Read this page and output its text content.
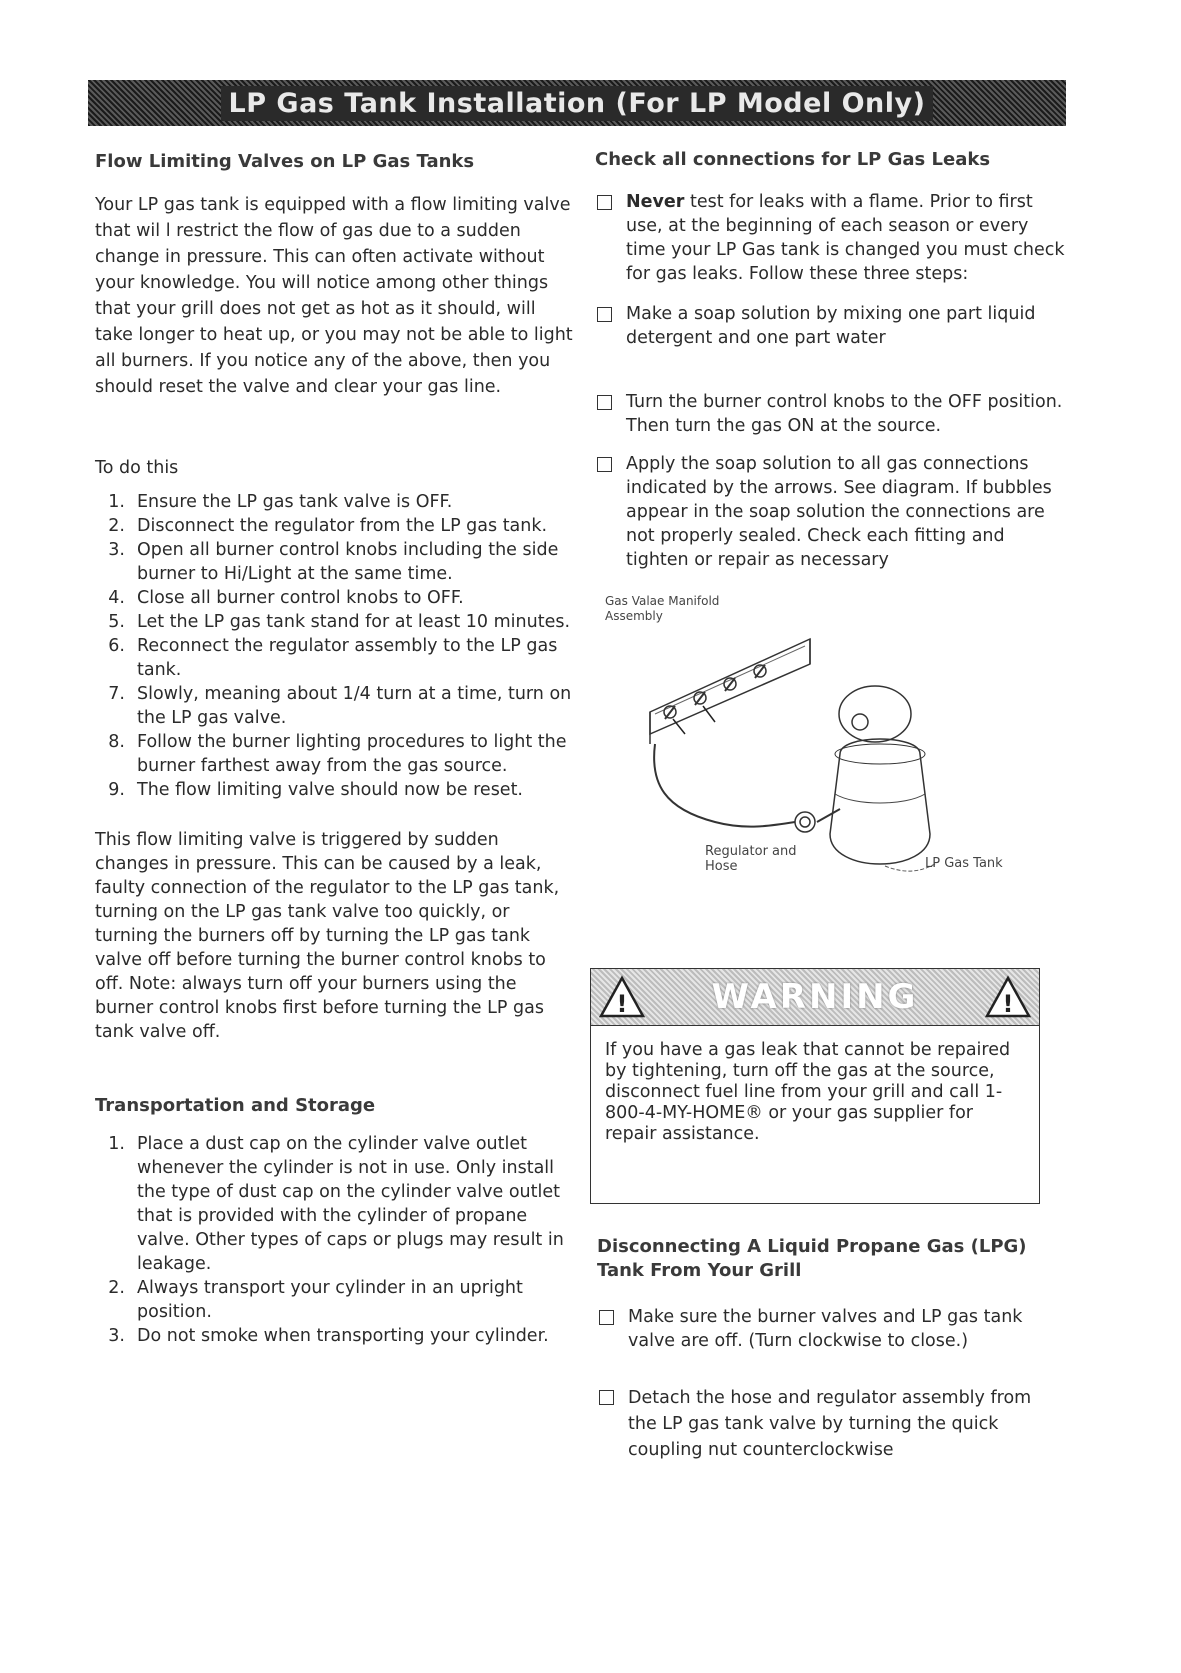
LP Gas Tank Installation (For LP Model Only)
Flow Limiting Valves on LP Gas Tanks

Your LP gas tank is equipped with a flow limiting valve that wil l restrict the flow of gas due to a sudden change in pressure. This can often activate without your knowledge. You will notice among other things that your grill does not get as hot as it should, will take longer to heat up, or you may not be able to light all burners. If you notice any of the above, then you should reset the valve and clear your gas line.

To do this

1. Ensure the LP gas tank valve is OFF.
2. Disconnect the regulator from the LP gas tank.
3. Open all burner control knobs including the side burner to Hi/Light at the same time.
4. Close all burner control knobs to OFF.
5. Let the LP gas tank stand for at least 10 minutes.
6. Reconnect the regulator assembly to the LP gas tank.
7. Slowly, meaning about 1/4 turn at a time, turn on the LP gas valve.
8. Follow the burner lighting procedures to light the burner farthest away from the gas source.
9. The flow limiting valve should now be reset.

This flow limiting valve is triggered by sudden changes in pressure. This can be caused by a leak, faulty connection of the regulator to the LP gas tank, turning on the LP gas tank valve too quickly, or turning the burners off by turning the LP gas tank valve off before turning the burner control knobs to off. Note: always turn off your burners using the burner control knobs first before turning the LP gas tank valve off.

Transportation and Storage
1. Place a dust cap on the cylinder valve outlet whenever the cylinder is not in use. Only install the type of dust cap on the cylinder valve outlet that is provided with the cylinder of propane valve. Other types of caps or plugs may result in leakage.
2. Always transport your cylinder in an upright position.
3. Do not smoke when transporting your cylinder.
Check all connections for LP Gas Leaks
Never test for leaks with a flame. Prior to first use, at the beginning of each season or every time your LP Gas tank is changed you must check for gas leaks. Follow these three steps:
Make a soap solution by mixing one part liquid detergent and one part water
Turn the burner control knobs to the OFF position. Then turn the gas ON at the source.
Apply the soap solution to all gas connections indicated by the arrows. See diagram. If bubbles appear in the soap solution the connections are not properly sealed. Check each fitting and tighten or repair as necessary
Gas Valae Manifold
Assembly
Regulator and
Hose	LP Gas Tank
! WARNING	!

If you have a gas leak that cannot be repaired by tightening, turn off the gas at the source, disconnect fuel line from your grill and call 1-800-4-MY-HOME® or your gas supplier for repair assistance.

Disconnecting A Liquid Propane Gas (LPG) Tank From Your Grill
Make sure the burner valves and LP gas tank valve are off. (Turn clockwise to close.)
Detach the hose and regulator assembly from the LP gas tank valve by turning the quick coupling nut counterclockwise
